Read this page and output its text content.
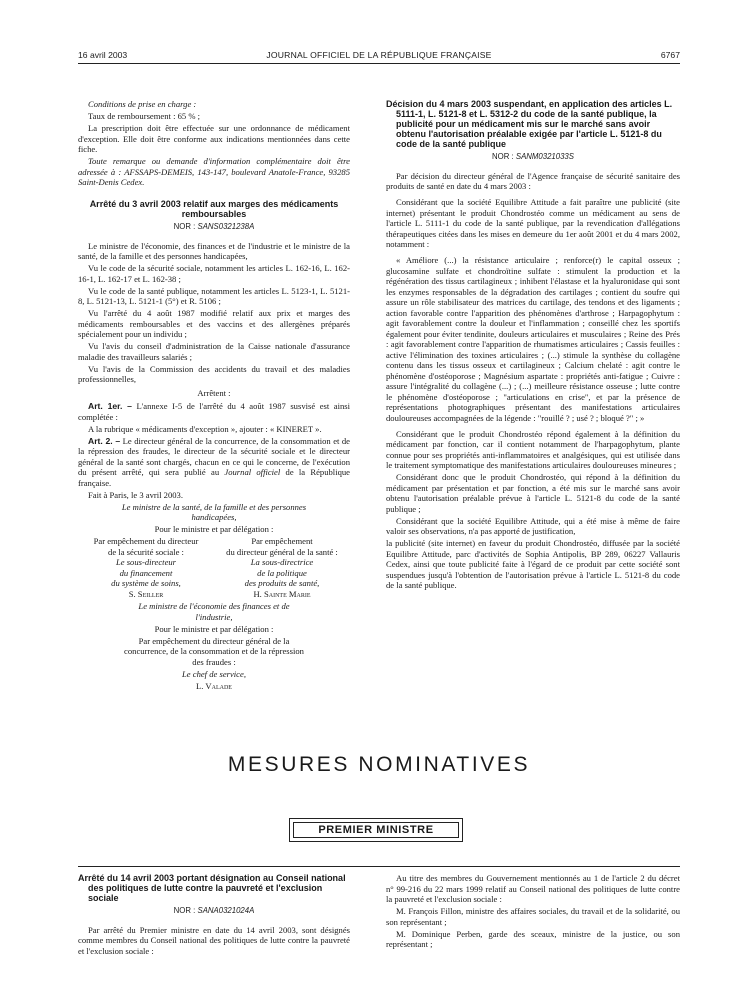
16 avril 2003	JOURNAL OFFICIEL DE LA RÉPUBLIQUE FRANÇAISE	6767

Conditions de prise en charge :

Taux de remboursement : 65 % ;

La prescription doit être effectuée sur une ordonnance de médicament d'exception. Elle doit être conforme aux indications mentionnées dans cette fiche.

Toute remarque ou demande d'information complémentaire doit être adressée à : AFSSAPS-DEMEIS, 143-147, boulevard Anatole-France, 93285 Saint-Denis Cedex.

Arrêté du 3 avril 2003 relatif aux marges des médicaments remboursables
NOR : SANS0321238A

Le ministre de l'économie, des finances et de l'industrie et le ministre de la santé, de la famille et des personnes handicapées,

Vu le code de la sécurité sociale, notamment les articles L. 162-16, L. 162-16-1, L. 162-17 et L. 162-38 ;

Vu le code de la santé publique, notamment les articles L. 5123-1, L. 5121-8, L. 5121-13, L. 5121-1 (5°) et R. 5106 ;

Vu l'arrêté du 4 août 1987 modifié relatif aux prix et marges des médicaments remboursables et des vaccins et des allergènes préparés spécialement pour un individu ;

Vu l'avis du conseil d'administration de la Caisse nationale d'assurance maladie des travailleurs salariés ;

Vu l'avis de la Commission des accidents du travail et des maladies professionnelles,

Arrêtent :

Art. 1er. – L'annexe I-5 de l'arrêté du 4 août 1987 susvisé est ainsi complétée :

A la rubrique « médicaments d'exception », ajouter : « KINERET ».

Art. 2. – Le directeur général de la concurrence, de la consommation et de la répression des fraudes, le directeur de la sécurité sociale et le directeur général de la santé sont chargés, chacun en ce qui le concerne, de l'exécution du présent arrêté, qui sera publié au Journal officiel de la République française.

Fait à Paris, le 3 avril 2003.

Le ministre de la santé, de la famille et des personnes handicapées,

Pour le ministre et par délégation :

Par empêchement du directeur
de la sécurité sociale :
Le sous-directeur
du financement
du système de soins,
S. Seiller
Par empêchement
du directeur général de la santé :
La sous-directrice
de la politique
des produits de santé,
H. Sainte Marie

Le ministre de l'économie des finances et de l'industrie,

Pour le ministre et par délégation :

Par empêchement du directeur général de la concurrence, de la consommation et de la répression des fraudes :

Le chef de service,

L. Valade

Décision du 4 mars 2003 suspendant, en application des articles L. 5111-1, L. 5121-8 et L. 5312-2 du code de la santé publique, la publicité pour un médicament mis sur le marché sans avoir obtenu l'autorisation préalable exigée par l'article L. 5121-8 du code de la santé publique
NOR : SANM0321033S

Par décision du directeur général de l'Agence française de sécurité sanitaire des produits de santé en date du 4 mars 2003 :

Considérant que la société Equilibre Attitude a fait paraître une publicité (site internet) présentant le produit Chondrostéo comme un médicament au sens de l'article L. 5111-1 du code de la santé publique, par la revendication d'allégations thérapeutiques citées dans les mises en demeure du 1er août 2001 et du 4 mars 2002, notamment :

« Améliore (...) la résistance articulaire ; renforce(r) le capital osseux ; glucosamine sulfate et chondroïtine sulfate : stimulent la production et la régénération des tissus cartilagineux ; inhibent l'élastase et la hyaluronidase qui sont les enzymes responsables de la dégradation des cartilages ; contient du soufre qui assure un rôle stabilisateur des matrices du cartilage, des tendons et des ligaments ; action favorable contre l'apparition des phénomènes d'arthrose ; Harpagophytum : agit favorablement contre la douleur et l'inflammation ; conseillé chez les sportifs également pour éviter tendinite, douleurs articulaires et musculaires ; Reine des Prés : agit favorablement contre l'apparition de rhumatismes articulaires ; Cassis feuilles : active l'élimination des toxines articulaires ; (...) stimule la synthèse du collagène contenu dans les tissus osseux et cartilagineux ; Calcium chelaté : agit contre le phénomène d'ostéoporose ; Magnésium aspartate : propriétés anti-fatigue ; Cuivre : assure l'intégralité du collagène (...) ; (...) meilleure résistance osseuse ; lutte contre le phénomène d'ostéoporose ; "articulations en crise", et par la présence de représentations photographiques présentant des manifestations articulaires douloureuses accompagnées de la légende : "rouillé ? ; usé ? ; bloqué ?" ; »

Considérant que le produit Chondrostéo répond également à la définition du médicament par fonction, car il contient notamment de l'harpagophytum, plante connue pour ses propriétés anti-inflammatoires et analgésiques, qui est utilisée dans le traitement symptomatique des manifestations articulaires douloureuses mineures ;

Considérant donc que le produit Chondrostéo, qui répond à la définition du médicament par présentation et par fonction, a été mis sur le marché sans avoir obtenu l'autorisation préalable prévue à l'article L. 5121-8 du code de la santé publique ;

Considérant que la société Equilibre Attitude, qui a été mise à même de faire valoir ses observations, n'a pas apporté de justification,

la publicité (site internet) en faveur du produit Chondrostéo, diffusée par la société Equilibre Attitude, parc d'activités de Sophia Antipolis, BP 289, 06227 Vallauris Cedex, ainsi que toute publicité faite à l'égard de ce produit par cette société sont suspendues jusqu'à l'obtention de l'autorisation prévue à l'article L. 5121-8 du code de la santé publique.

MESURES NOMINATIVES
PREMIER MINISTRE
Arrêté du 14 avril 2003 portant désignation au Conseil national des politiques de lutte contre la pauvreté et l'exclusion sociale
NOR : SANA0321024A

Par arrêté du Premier ministre en date du 14 avril 2003, sont désignés comme membres du Conseil national des politiques de lutte contre la pauvreté et l'exclusion sociale :

Au titre des membres du Gouvernement mentionnés au 1 de l'article 2 du décret n° 99-216 du 22 mars 1999 relatif au Conseil national des politiques de lutte contre la pauvreté et l'exclusion sociale :

M. François Fillon, ministre des affaires sociales, du travail et de la solidarité, ou son représentant ;

M. Dominique Perben, garde des sceaux, ministre de la justice, ou son représentant ;
